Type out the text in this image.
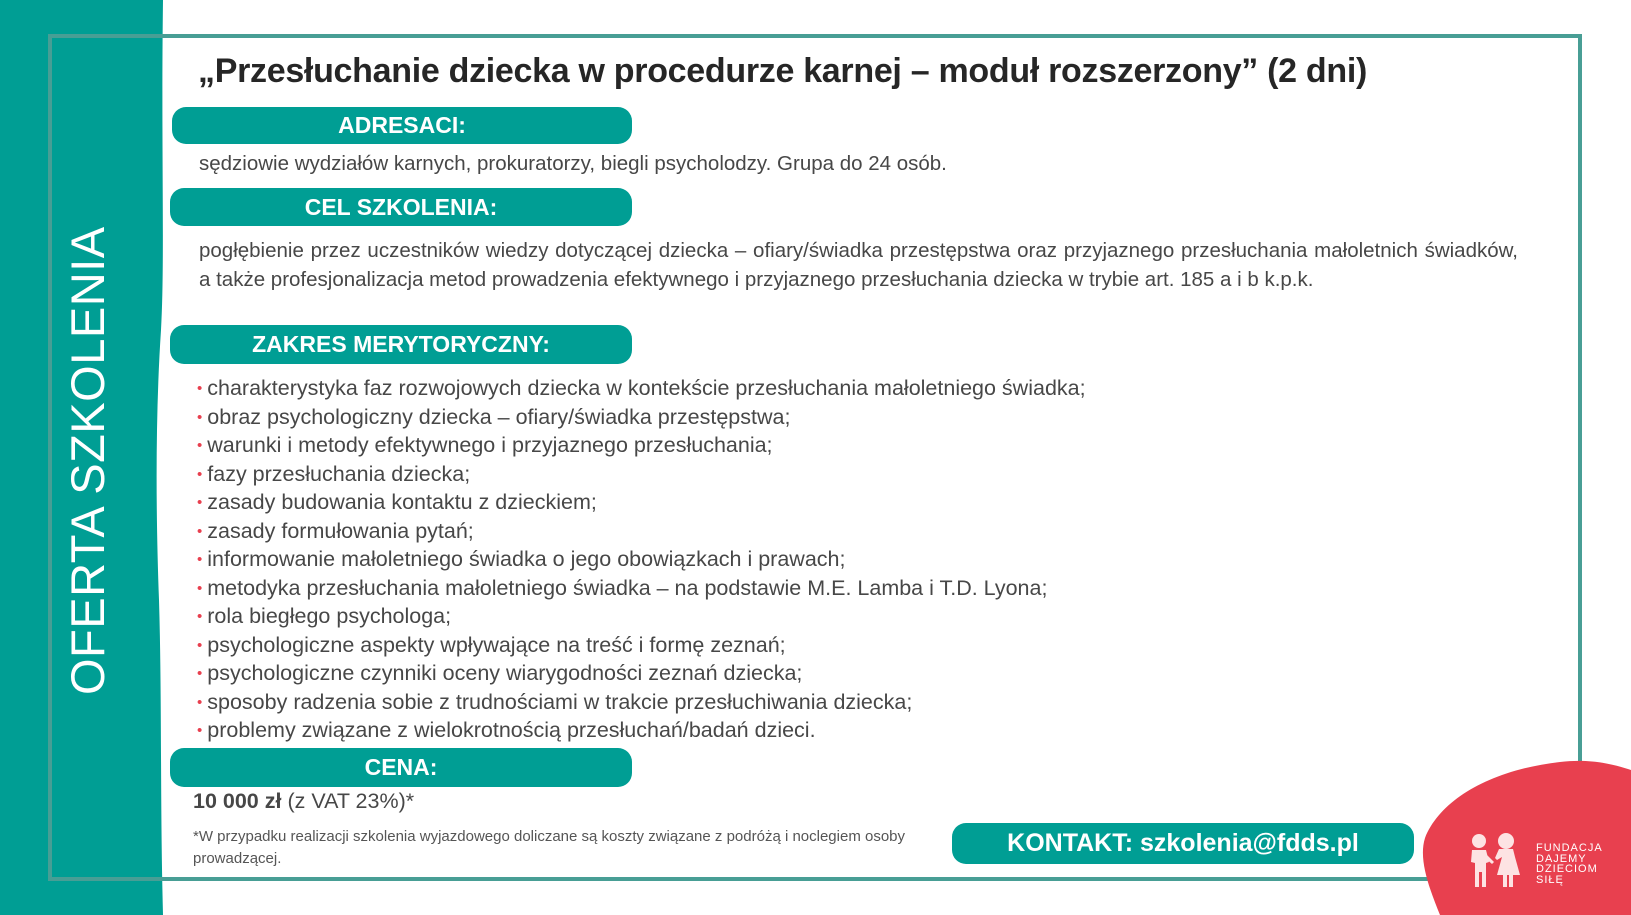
OFERTA SZKOLENIA
„Przesłuchanie dziecka w procedurze karnej – moduł rozszerzony” (2 dni)
ADRESACI:
sędziowie wydziałów karnych, prokuratorzy, biegli psycholodzy. Grupa do 24 osób.
CEL SZKOLENIA:
pogłębienie przez uczestników wiedzy dotyczącej dziecka – ofiary/świadka przestępstwa oraz przyjaznego przesłuchania małoletnich świadków, a także profesjonalizacja metod prowadzenia efektywnego i przyjaznego przesłuchania dziecka w trybie art. 185 a i b k.p.k.
ZAKRES MERYTORYCZNY:
• charakterystyka faz rozwojowych dziecka w kontekście przesłuchania małoletniego świadka;
• obraz psychologiczny dziecka – ofiary/świadka przestępstwa;
• warunki i metody efektywnego i przyjaznego przesłuchania;
• fazy przesłuchania dziecka;
• zasady budowania kontaktu z dzieckiem;
• zasady formułowania pytań;
• informowanie małoletniego świadka o jego obowiązkach i prawach;
• metodyka przesłuchania małoletniego świadka – na podstawie M.E. Lamba i T.D. Lyona;
• rola biegłego psychologa;
• psychologiczne aspekty wpływające na treść i formę zeznań;
• psychologiczne czynniki oceny wiarygodności zeznań dziecka;
• sposoby radzenia sobie z trudnościami w trakcie przesłuchiwania dziecka;
• problemy związane z wielokrotnością przesłuchań/badań dzieci.
CENA:
10 000 zł (z VAT 23%)*
*W przypadku realizacji szkolenia wyjazdowego doliczane są koszty związane z podróżą i noclegiem osoby prowadzącej.
KONTAKT: szkolenia@fdds.pl	FUNDACJA
DAJEMY
DZIECIOM
SIŁĘ
